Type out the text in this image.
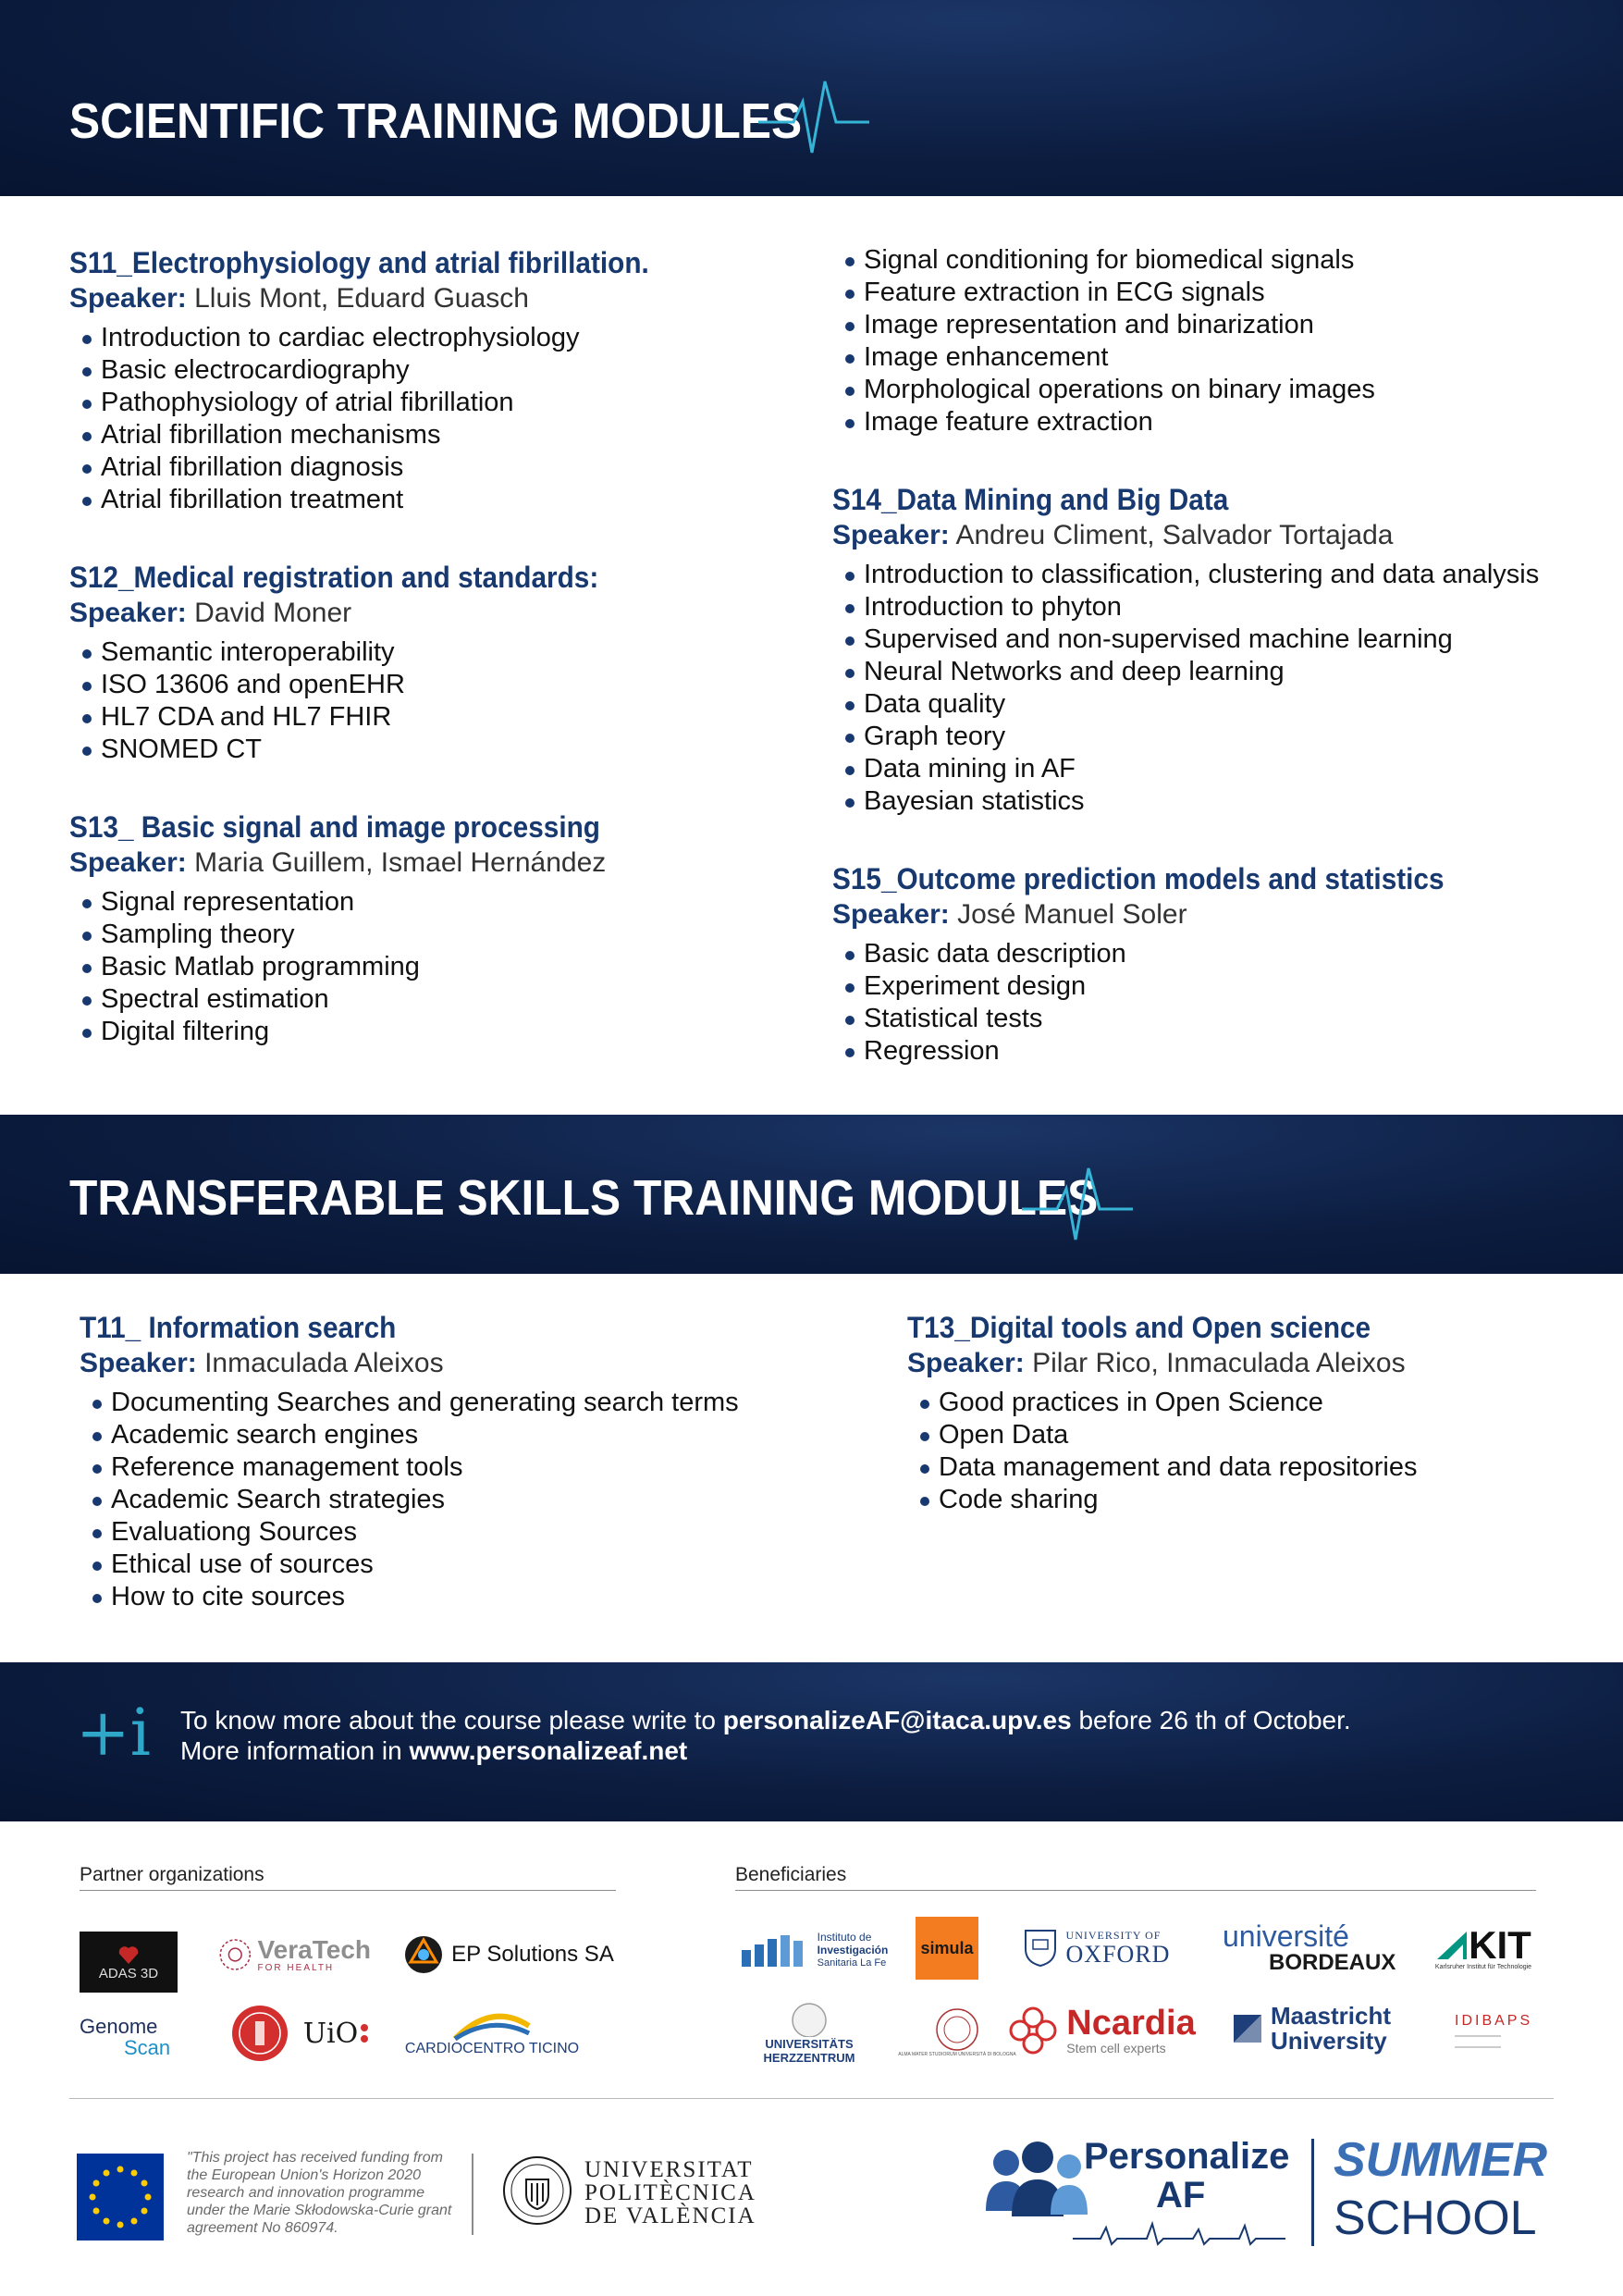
SCIENTIFIC TRAINING MODULES
S11_Electrophysiology and atrial fibrillation.
Speaker: Lluis Mont, Eduard Guasch
Introduction to cardiac electrophysiology
Basic electrocardiography
Pathophysiology of atrial fibrillation
Atrial fibrillation mechanisms
Atrial fibrillation diagnosis
Atrial fibrillation treatment
S12_Medical registration and standards:
Speaker: David Moner
Semantic interoperability
ISO 13606 and openEHR
HL7 CDA and HL7 FHIR
SNOMED CT
S13_ Basic signal and image processing
Speaker: Maria Guillem, Ismael Hernández
Signal representation
Sampling theory
Basic Matlab programming
Spectral estimation
Digital filtering
Signal conditioning for biomedical signals
Feature extraction in ECG signals
Image representation and binarization
Image enhancement
Morphological operations on binary images
Image feature extraction
S14_Data Mining and Big Data
Speaker: Andreu Climent, Salvador Tortajada
Introduction to classification, clustering and data analysis
Introduction to phyton
Supervised and non-supervised machine learning
Neural Networks and deep learning
Data quality
Graph teory
Data mining in AF
Bayesian statistics
S15_Outcome prediction models and statistics
Speaker: José Manuel Soler
Basic data description
Experiment design
Statistical tests
Regression
TRANSFERABLE SKILLS TRAINING MODULES
T11_ Information search
Speaker: Inmaculada Aleixos
Documenting Searches and generating search terms
Academic search engines
Reference management tools
Academic Search strategies
Evaluationg Sources
Ethical use of sources
How to cite sources
T13_Digital tools and Open science
Speaker: Pilar Rico, Inmaculada Aleixos
Good practices in Open Science
Open Data
Data management and data repositories
Code sharing
+i To know more about the course please write to personalizeAF@itaca.upv.es before 26 th of October.
More information in www.personalizeaf.net
Partner organizations
ADAS 3D
VeraTech
FOR HEALTH
EP Solutions SA
Genome
Scan	UiO	CARDIOCENTRO TICINO
Beneficiaries
Instituto de
Investigación
Sanitaria La Fe
simula
UNIVERSITY OF
OXFORD
université
BORDEAUX KIT
Karlsruher Institut für Technologie
UNIVERSITÄTS
HERZZENTRUM	ALMA MATER STUDIORUM UNIVERSITÀ DI BOLOGNA
Ncardia
Stem cell experts
Maastricht
University
IDIBAPS
"This project has received funding from the European Union's Horizon 2020 research and innovation programme under the Marie Skłodowska-Curie grant agreement No 860974.
UNIVERSITAT
POLITÈCNICA
DE VALÈNCIA
Personalize
AF
SUMMER
SCHOOL
